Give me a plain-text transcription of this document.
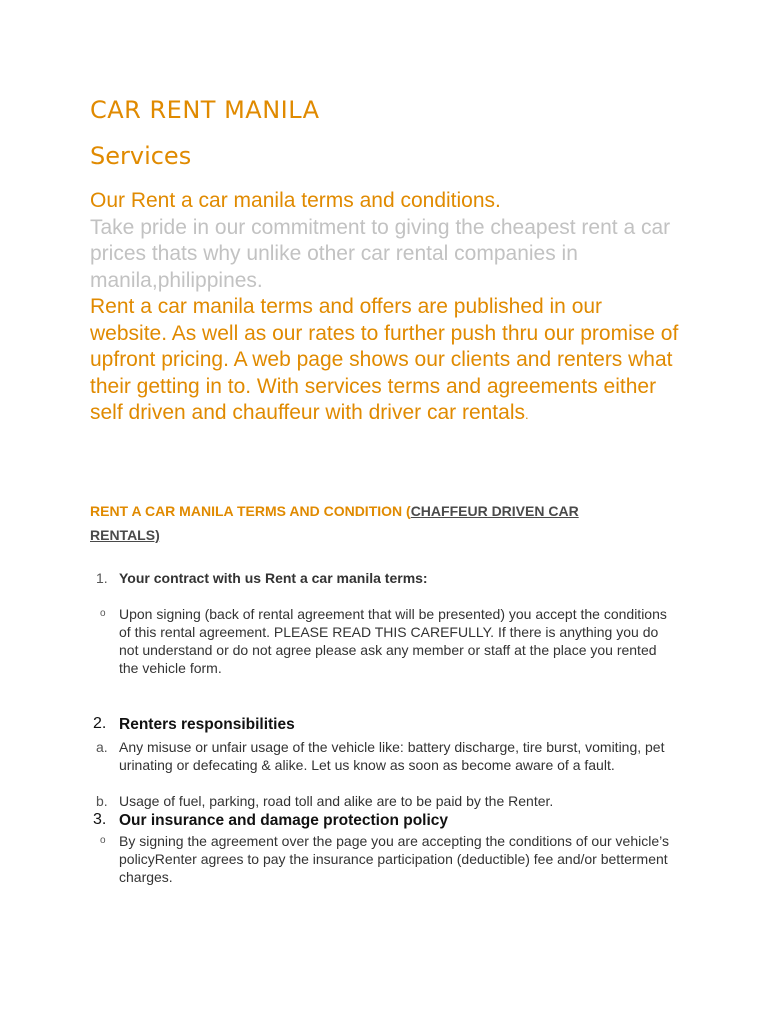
CAR RENT MANILA
Services

Our Rent a car manila terms and conditions.

Take pride in our commitment to giving the cheapest rent a car prices thats why unlike other car rental companies in manila,philippines.

Rent a car manila terms and offers are published in our website. As well as our rates to further push thru our promise of upfront pricing. A web page shows our clients and renters what their getting in to. With services terms and agreements either self driven and chauffeur with driver car rentals.

RENT A CAR MANILA TERMS AND CONDITION (CHAFFEUR DRIVEN CAR RENTALS)

1. Your contract with us Rent a car manila terms:
o Upon signing (back of rental agreement that will be presented) you accept the conditions of this rental agreement. PLEASE READ THIS CAREFULLY. If there is anything you do not understand or do not agree please ask any member or staff at the place you rented the vehicle form.
2. Renters responsibilities
a. Any misuse or unfair usage of the vehicle like: battery discharge, tire burst, vomiting, pet urinating or defecating & alike. Let us know as soon as become aware of a fault.
b. Usage of fuel, parking, road toll and alike are to be paid by the Renter.
3. Our insurance and damage protection policy
o By signing the agreement over the page you are accepting the conditions of our vehicle’s policyRenter agrees to pay the insurance participation (deductible) fee and/or betterment charges.
